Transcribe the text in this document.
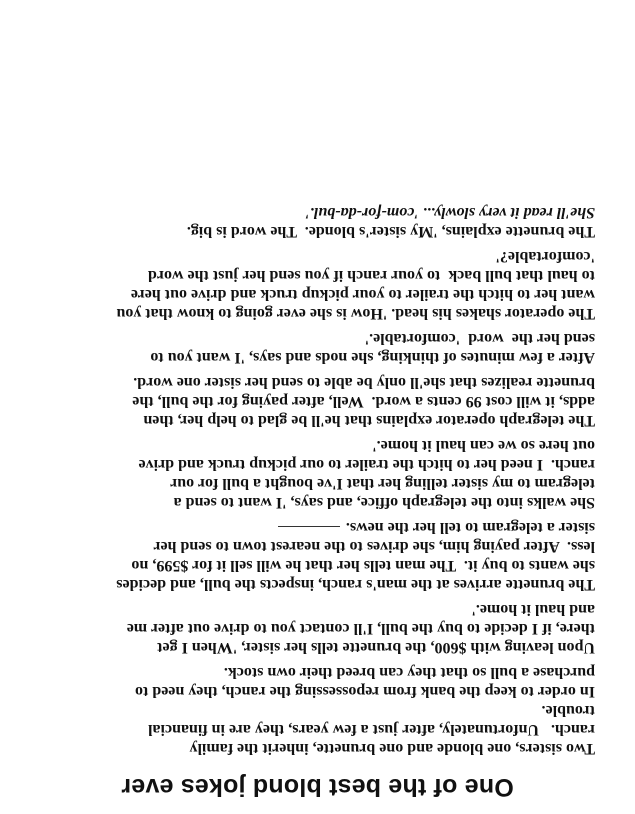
One of the best blond jokes ever
Two sisters, one blonde and one brunette, inherit the family
ranch.   Unfortunately, after just a few years, they are in financial
trouble.
In order to keep the bank from repossessing the ranch, they need to
purchase a bull so that they can breed their own stock.
Upon leaving with $600, the brunette tells her sister, 'When I get
there, if I decide to buy the bull, I'll contact you to drive out after me
and haul it home.'
The brunette arrives at the man's ranch, inspects the bull, and decides
she wants to buy it.  The man tells her that he will sell it for $599, no
less.  After paying him, she drives to the nearest town to send her
sister a telegram to tell her the news.
She walks into the telegraph office, and says, 'I want to send a
telegram to my sister telling her that I've bought a bull for our
ranch.  I need her to hitch the trailer to our pickup truck and drive
out here so we can haul it home.'
The telegraph operator explains that he'll be glad to help her, then
adds, it will cost 99 cents a word.  Well, after paying for the bull, the
brunette realizes that she'll only be able to send her sister one word.
After a few minutes of thinking, she nods and says, 'I want you to
send her the  word  'comfortable.'
The operator shakes his head. 'How is she ever going to know that you
want her to hitch the trailer to your pickup truck and drive out here
to haul that bull back  to your ranch if you send her just the word
'comfortable?'
The brunette explains, 'My sister's blonde.  The word is big.
She'll read it very slowly... 'com-for-da-bul.'
